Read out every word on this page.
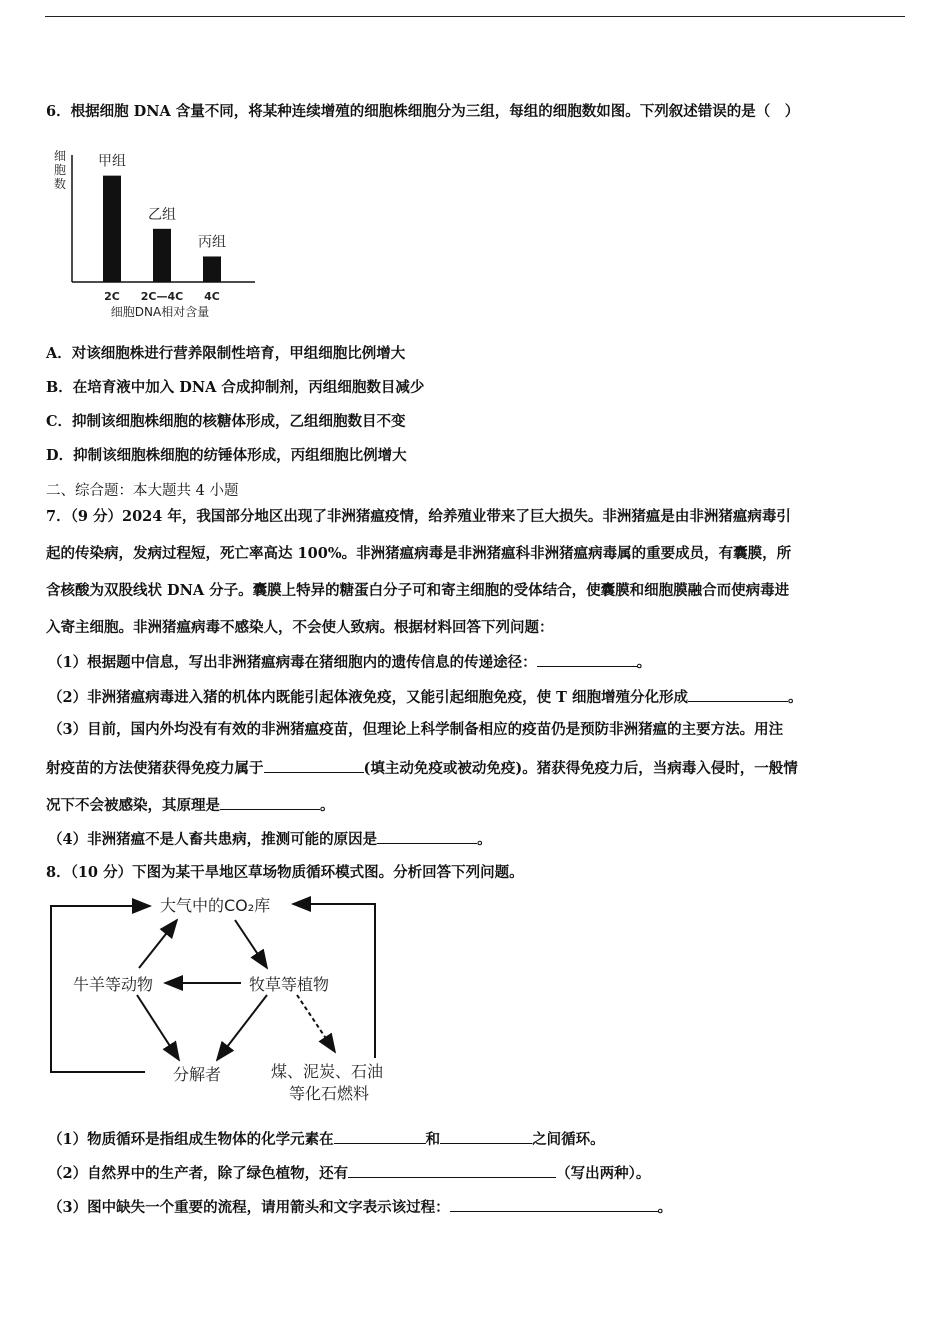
6．根据细胞 DNA 含量不同，将某种连续增殖的细胞株细胞分为三组，每组的细胞数如图。下列叙述错误的是（　）
细胞数
甲组
2C
乙组
2C—4C
丙组
4C
细胞DNA相对含量
A．对该细胞株进行营养限制性培育，甲组细胞比例增大
B．在培育液中加入 DNA 合成抑制剂，丙组细胞数目减少
C．抑制该细胞株细胞的核糖体形成，乙组细胞数目不变
D．抑制该细胞株细胞的纺锤体形成，丙组细胞比例增大
二、综合题：本大题共 4 小题
7．（9 分）2024 年，我国部分地区出现了非洲猪瘟疫情，给养殖业带来了巨大损失。非洲猪瘟是由非洲猪瘟病毒引
起的传染病，发病过程短，死亡率高达 100%。非洲猪瘟病毒是非洲猪瘟科非洲猪瘟病毒属的重要成员，有囊膜，所
含核酸为双股线状 DNA 分子。囊膜上特异的糖蛋白分子可和寄主细胞的受体结合，使囊膜和细胞膜融合而使病毒进
入寄主细胞。非洲猪瘟病毒不感染人，不会使人致病。根据材料回答下列问题：
（1）根据题中信息，写出非洲猪瘟病毒在猪细胞内的遗传信息的传递途径：	。
（2）非洲猪瘟病毒进入猪的机体内既能引起体液免疫，又能引起细胞免疫，使 T 细胞增殖分化形成	。
（3）目前，国内外均没有有效的非洲猪瘟疫苗，但理论上科学制备相应的疫苗仍是预防非洲猪瘟的主要方法。用注
射疫苗的方法使猪获得免疫力属于	(填主动免疫或被动免疫)。猪获得免疫力后，当病毒入侵时，一般情
况下不会被感染，其原理是	。
（4）非洲猪瘟不是人畜共患病，推测可能的原因是	。
8．（10 分）下图为某干旱地区草场物质循环模式图。分析回答下列问题。
大气中的CO₂库
牛羊等动物	牧草等植物
分解者	煤、泥炭、石油
等化石燃料
（1）物质循环是指组成生物体的化学元素在	和	之间循环。
（2）自然界中的生产者，除了绿色植物，还有	（写出两种）。
（3）图中缺失一个重要的流程，请用箭头和文字表示该过程：	。
